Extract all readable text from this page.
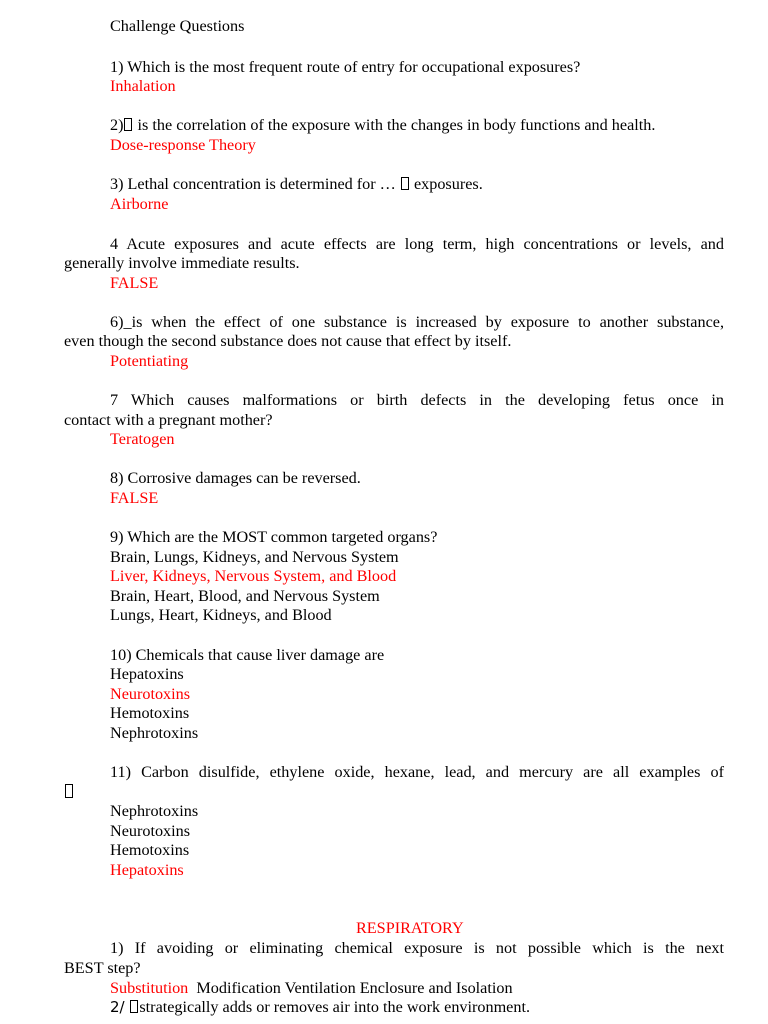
Challenge Questions
1) Which is the most frequent route of entry for occupational exposures?
Inhalation
2) is the correlation of the exposure with the changes in body functions and health.
Dose-response Theory
3) Lethal concentration is determined for …  exposures.
Airborne
4 Acute exposures and acute effects are long term, high concentrations or levels, and
generally involve immediate results.
FALSE
6)_is when the effect of one substance is increased by exposure to another substance,
even though the second substance does not cause that effect by itself.
Potentiating
7 Which causes malformations or birth defects in the developing fetus once in
contact with a pregnant mother?
Teratogen
8) Corrosive damages can be reversed.
FALSE
9) Which are the MOST common targeted organs?
Brain, Lungs, Kidneys, and Nervous System
Liver, Kidneys, Nervous System, and Blood
Brain, Heart, Blood, and Nervous System
Lungs, Heart, Kidneys, and Blood
10) Chemicals that cause liver damage are
Hepatoxins
Neurotoxins
Hemotoxins
Nephrotoxins
11) Carbon disulfide, ethylene oxide, hexane, lead, and mercury are all examples of
Nephrotoxins
Neurotoxins
Hemotoxins
Hepatoxins
RESPIRATORY
1) If avoiding or eliminating chemical exposure is not possible which is the next
BEST step?
Substitution  Modification Ventilation Enclosure and Isolation
2/ strategically adds or removes air into the work environment.
